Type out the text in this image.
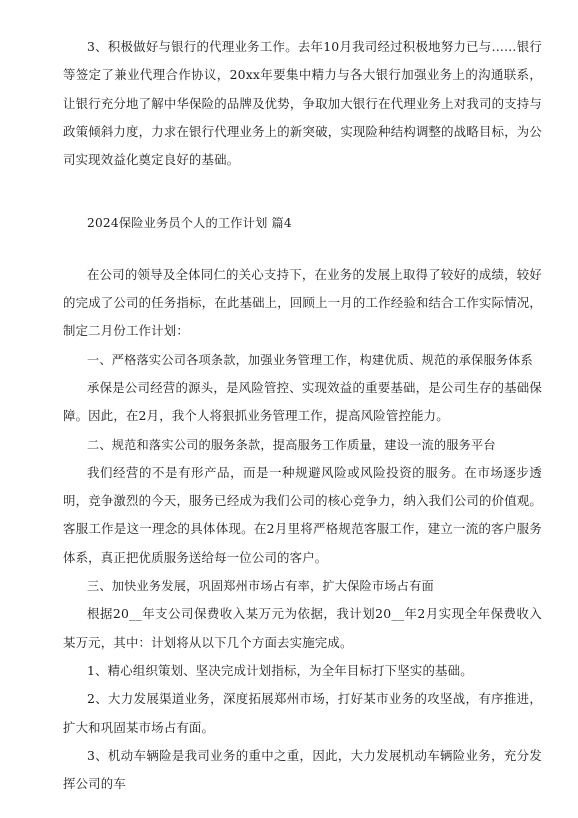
3、积极做好与银行的代理业务工作。去年10月我司经过积极地努力已与……银行等签定了兼业代理合作协议，20xx年要集中精力与各大银行加强业务上的沟通联系，让银行充分地了解中华保险的品牌及优势，争取加大银行在代理业务上对我司的支持与政策倾斜力度，力求在银行代理业务上的新突破，实现险种结构调整的战略目标，为公司实现效益化奠定良好的基础。

2024保险业务员个人的工作计划 篇4

在公司的领导及全体同仁的关心支持下，在业务的发展上取得了较好的成绩，较好的完成了公司的任务指标，在此基础上，回顾上一月的工作经验和结合工作实际情况，制定二月份工作计划：

一、严格落实公司各项条款，加强业务管理工作，构建优质、规范的承保服务体系

承保是公司经营的源头，是风险管控、实现效益的重要基础，是公司生存的基础保障。因此，在2月，我个人将狠抓业务管理工作，提高风险管控能力。

二、规范和落实公司的服务条款，提高服务工作质量，建设一流的服务平台

我们经营的不是有形产品，而是一种规避风险或风险投资的服务。在市场逐步透明，竞争激烈的今天，服务已经成为我们公司的核心竞争力，纳入我们公司的价值观。客服工作是这一理念的具体体现。在2月里将严格规范客服工作，建立一流的客户服务体系，真正把优质服务送给每一位公司的客户。

三、加快业务发展，巩固郑州市场占有率，扩大保险市场占有面

根据20__年支公司保费收入某万元为依据，我计划20__年2月实现全年保费收入某万元，其中：计划将从以下几个方面去实施完成。

1、精心组织策划、坚决完成计划指标，为全年目标打下坚实的基础。

2、大力发展渠道业务，深度拓展郑州市场，打好某市业务的攻坚战，有序推进，扩大和巩固某市场占有面。

3、机动车辆险是我司业务的重中之重，因此，大力发展机动车辆险业务，充分发挥公司的车
